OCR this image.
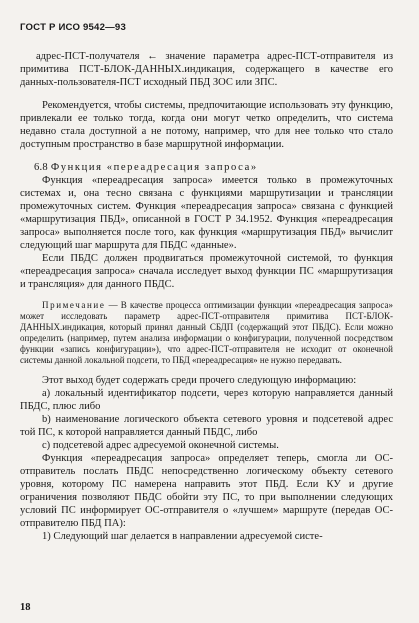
ГОСТ Р ИСО 9542—93

адрес-ПСТ-получателя ← значение параметра адрес-ПСТ-отправителя из примитива ПСТ-БЛОК-ДАННЫХ.индикация, содержащего в качестве его данных-пользователя-ПСТ исходный ПБД ЗОС или ЗПС.

Рекомендуется, чтобы системы, предпочитающие использовать эту функцию, привлекали ее только тогда, когда они могут четко определить, что система недавно стала доступной а не потому, например, что для нее только что стало доступным пространство в базе маршрутной информации.

6.8 Функция «переадресация запроса»

Функция «переадресация запроса» имеется только в промежуточных системах и, она тесно связана с функциями маршрутизации и трансляции промежуточных систем. Функция «переадресация запроса» связана с функцией «маршрутизация ПБД», описанной в ГОСТ Р 34.1952. Функция «переадресация запроса» выполняется после того, как функция «маршрутизация ПБД» вычислит следующий шаг маршрута для ПБДС «данные».

Если ПБДС должен продвигаться промежуточной системой, то функция «переадресация запроса» сначала исследует выход функции ПС «маршрутизация и трансляция» для данного ПБДС.

Примечание — В качестве процесса оптимизации функции «переадресация запроса» может исследовать параметр адрес-ПСТ-отправителя примитива ПСТ-БЛОК-ДАННЫХ.индикация, который принял данный СБДП (содержащий этот ПБДС). Если можно определить (например, путем анализа информации о конфигурации, полученной посредством функции «запись конфигурации»), что адрес-ПСТ-отправителя не исходит от оконечной системы данной локальной подсети, то ПБД «переадресация» не нужно передавать.

Этот выход будет содержать среди прочего следующую информацию:

a) локальный идентификатор подсети, через которую направляется данный ПБДС, плюс либо

b) наименование логического объекта сетевого уровня и подсетевой адрес той ПС, к которой направляется данный ПБДС, либо

c) подсетевой адрес адресуемой оконечной системы.

Функция «переадресация запроса» определяет теперь, смогла ли ОС-отправитель послать ПБДС непосредственно логическому объекту сетевого уровня, которому ПС намерена направить этот ПБД. Если КУ и другие ограничения позволяют ПБДС обойти эту ПС, то при выполнении следующих условий ПС информирует ОС-отправителя о «лучшем» маршруте (передав ОС-отправителю ПБД ПА):

1) Следующий шаг делается в направлении адресуемой систе-

18
